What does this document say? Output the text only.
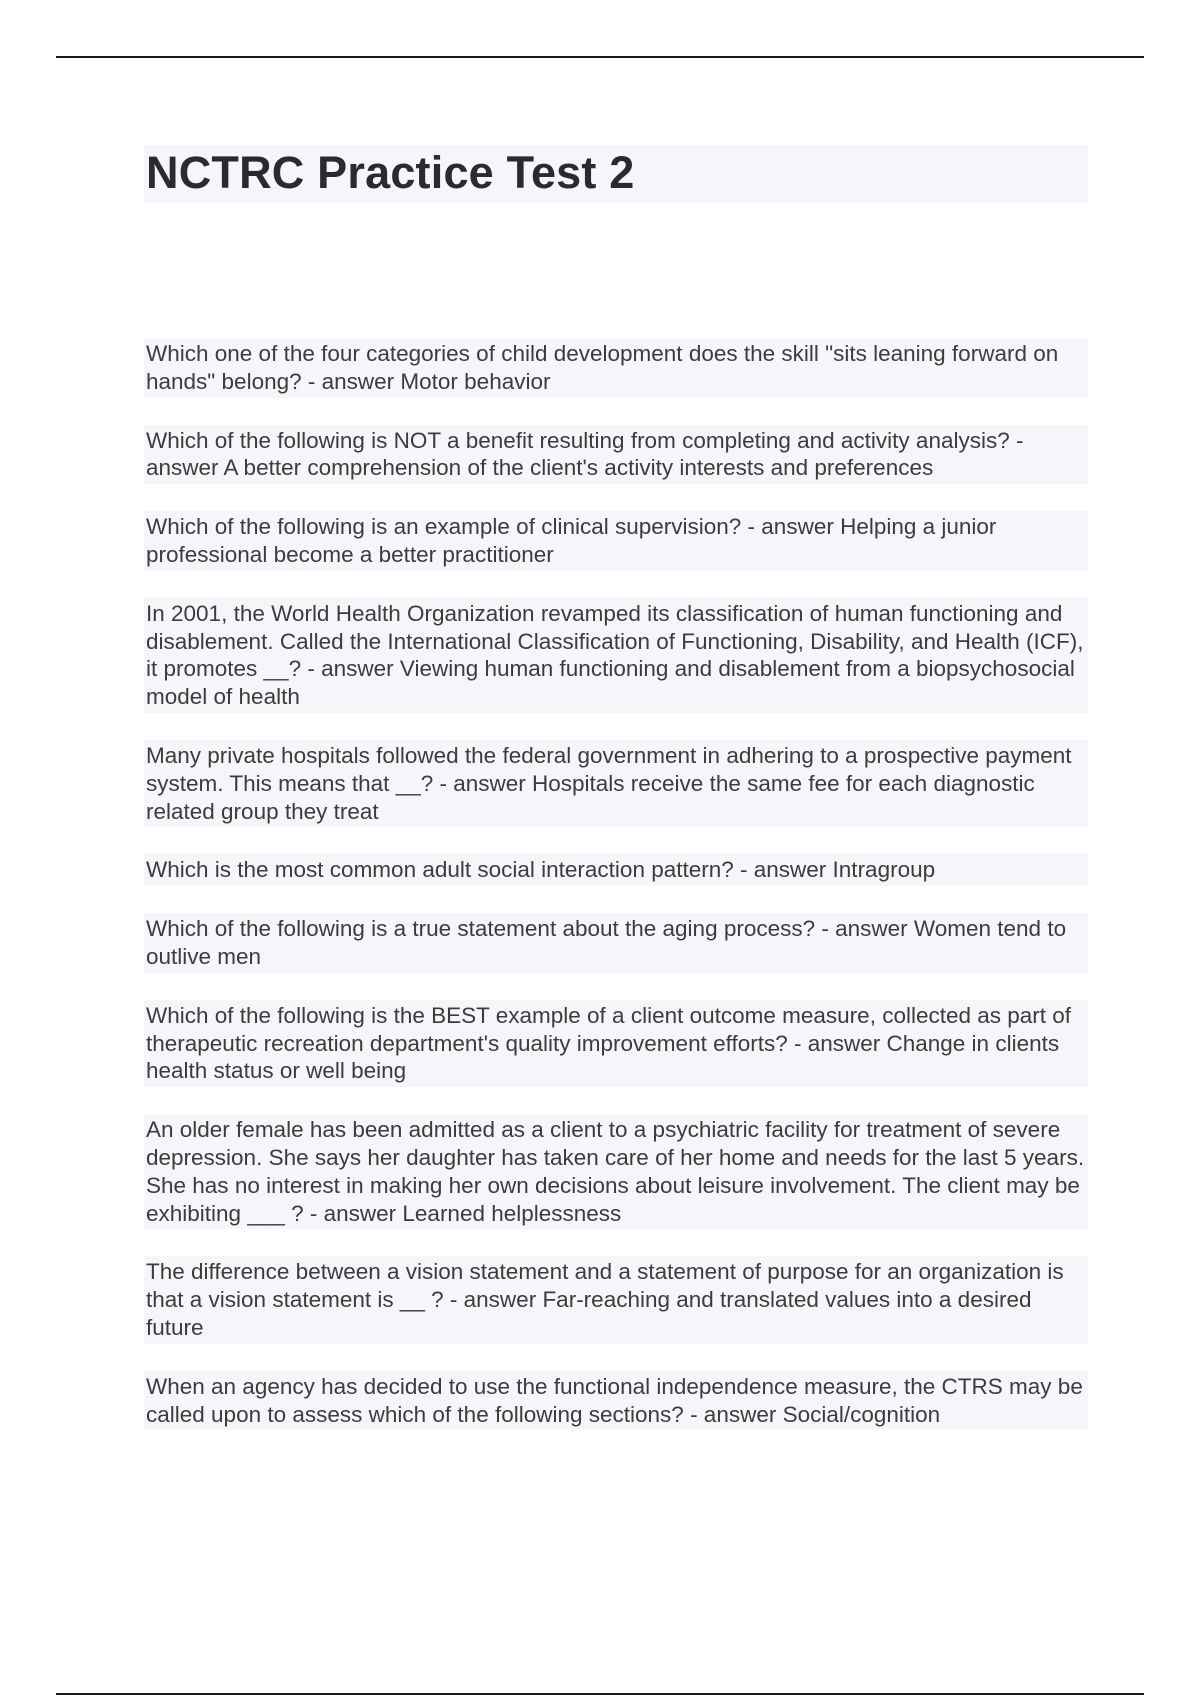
NCTRC Practice Test 2

Which one of the four categories of child development does the skill "sits leaning forward on hands" belong? - answer Motor behavior

Which of the following is NOT a benefit resulting from completing and activity analysis? - answer A better comprehension of the client's activity interests and preferences

Which of the following is an example of clinical supervision? - answer Helping a junior professional become a better practitioner

In 2001, the World Health Organization revamped its classification of human functioning and disablement. Called the International Classification of Functioning, Disability, and Health (ICF), it promotes __? - answer Viewing human functioning and disablement from a biopsychosocial model of health

Many private hospitals followed the federal government in adhering to a prospective payment system. This means that __? - answer Hospitals receive the same fee for each diagnostic related group they treat

Which is the most common adult social interaction pattern? - answer Intragroup

Which of the following is a true statement about the aging process? - answer Women tend to outlive men

Which of the following is the BEST example of a client outcome measure, collected as part of therapeutic recreation department's quality improvement efforts? - answer Change in clients health status or well being

An older female has been admitted as a client to a psychiatric facility for treatment of severe depression. She says her daughter has taken care of her home and needs for the last 5 years. She has no interest in making her own decisions about leisure involvement. The client may be exhibiting ___ ? - answer Learned helplessness

The difference between a vision statement and a statement of purpose for an organization is that a vision statement is __ ? - answer Far-reaching and translated values into a desired future

When an agency has decided to use the functional independence measure, the CTRS may be called upon to assess which of the following sections? - answer Social/cognition
